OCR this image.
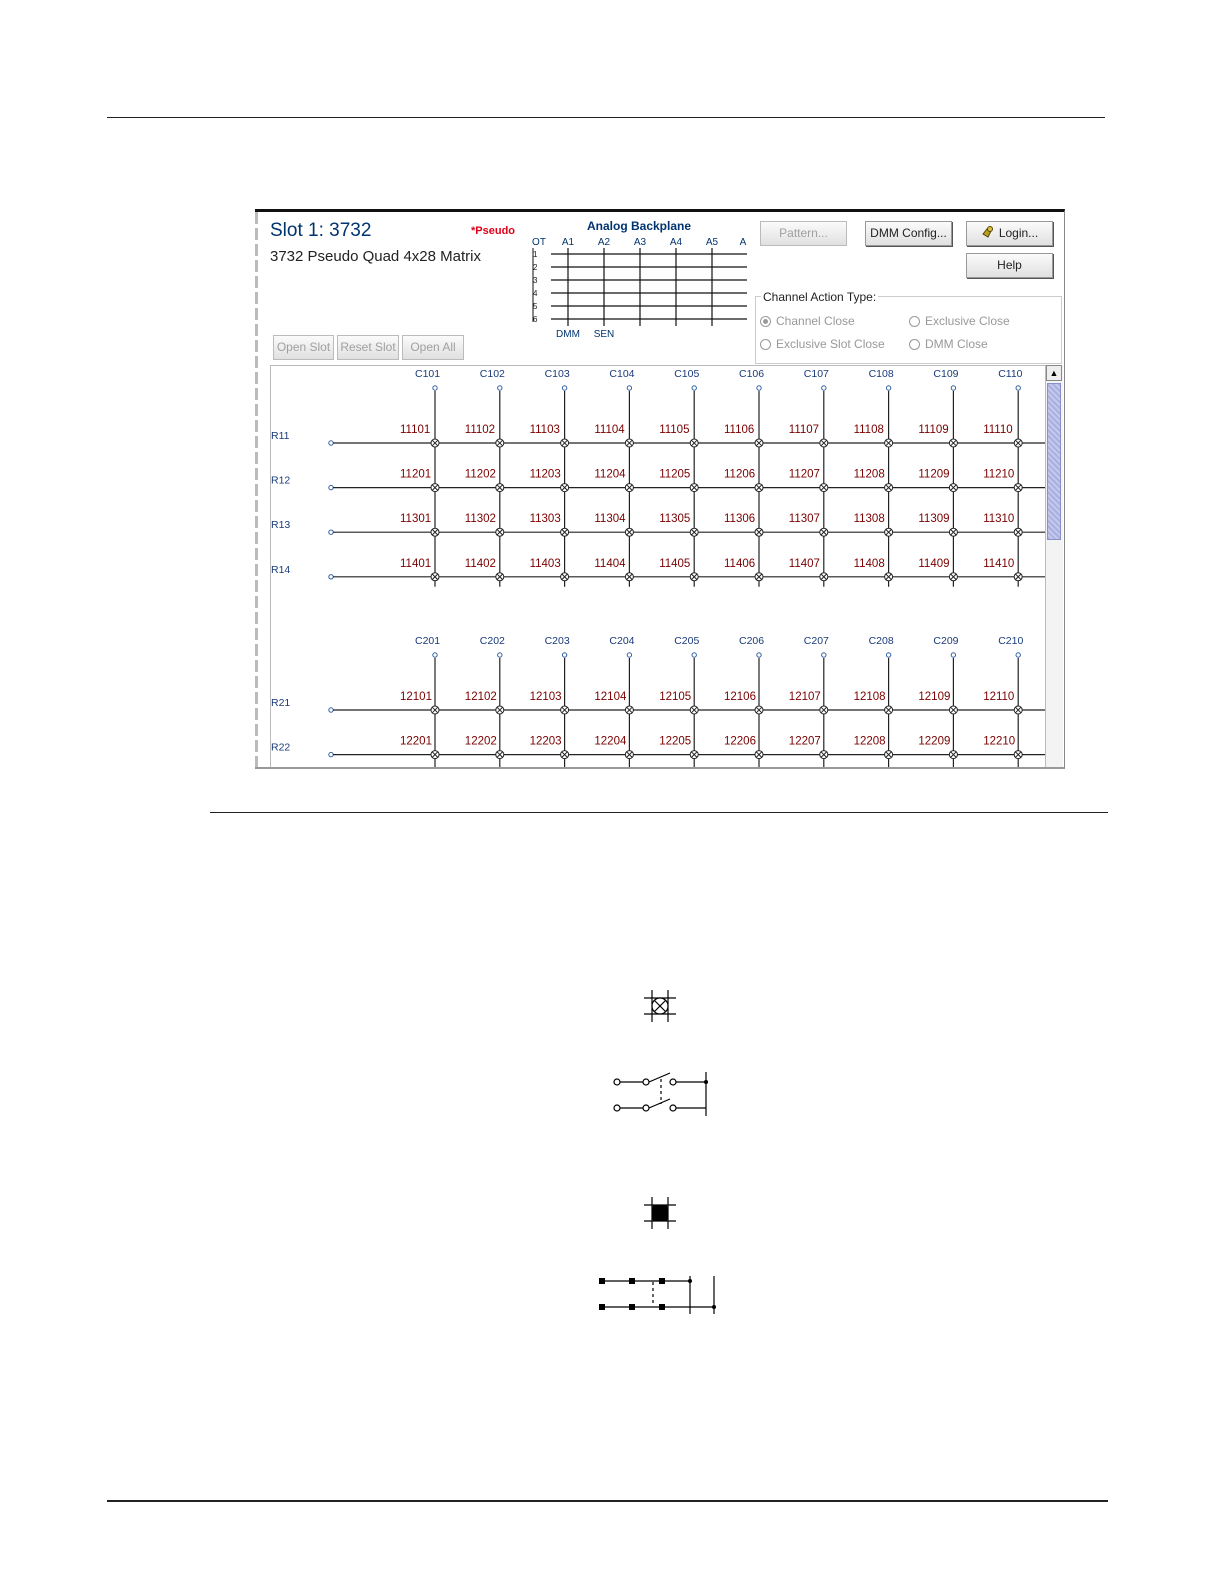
Slot 1: 3732
3732 Pseudo Quad 4x28 Matrix
*Pseudo
Open Slot Reset Slot	Open All
Pattern...	DMM Config...	Login...
Help
Channel Action Type:
Channel Close	Exclusive Close
Exclusive Slot Close	DMM Close
Analog Backplane
OT A1 A2 A3 A4 A5 A
1
2
3
4
5
6
DMM SEN
C101	C102	C103	C104	C105	C106	C107	C108	C109	C110
R11	11101	11102	11103	11104	11105	11106	11107	11108	11109	11110
R12	11201	11202	11203	11204	11205	11206	11207	11208	11209	11210
R13	11301	11302	11303	11304	11305	11306	11307	11308	11309	11310
R14	11401	11402	11403	11404	11405	11406	11407	11408	11409	11410
C201	C202	C203	C204	C205	C206	C207	C208	C209	C210
R21	12101	12102	12103	12104	12105	12106	12107	12108	12109	12110
R22	12201	12202	12203	12204	12205	12206	12207	12208	12209	12210
▲
